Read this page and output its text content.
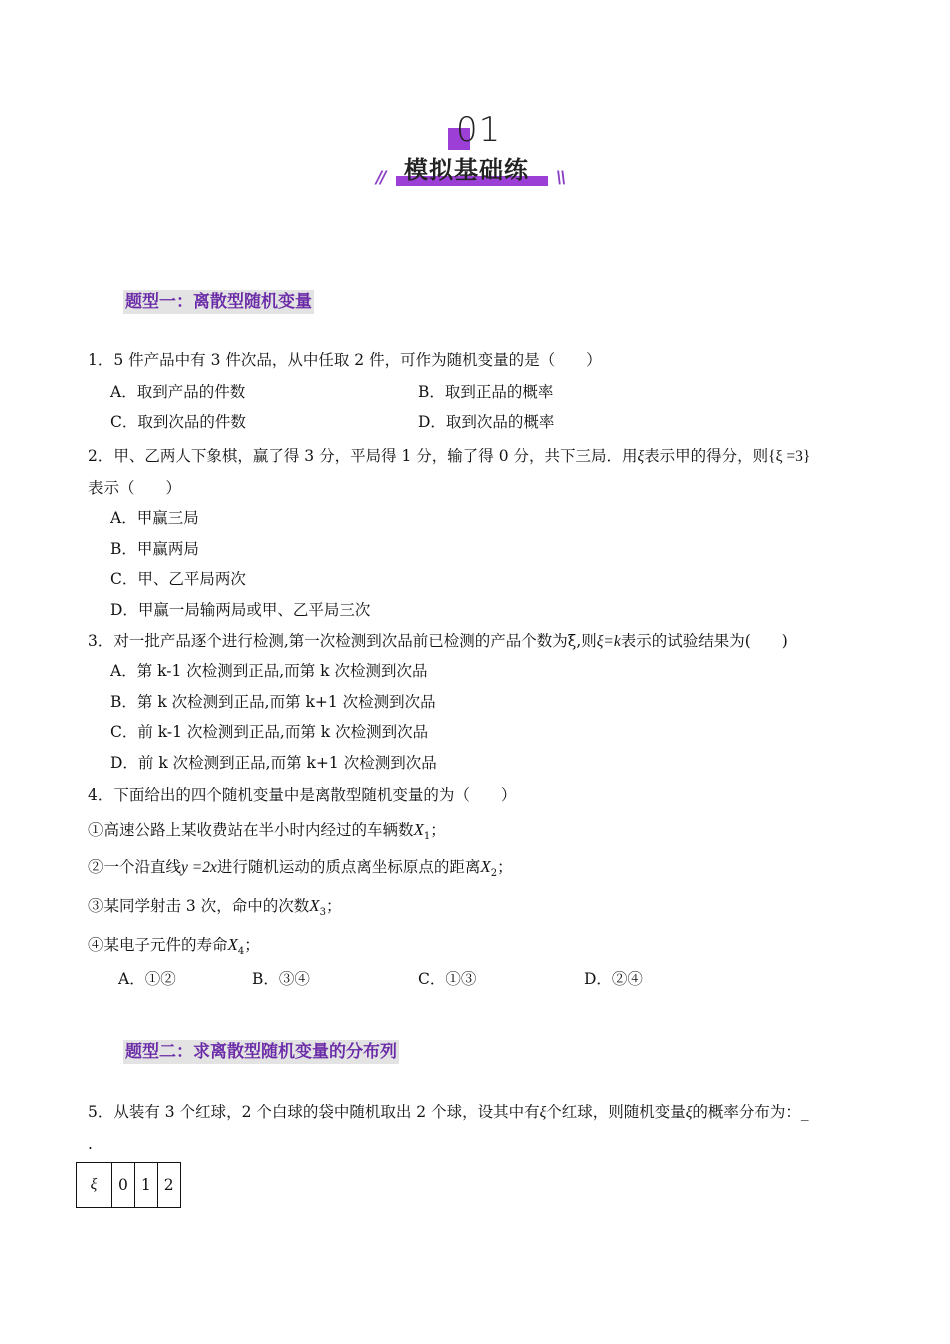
01
// 模拟基础练 \\
题型一：离散型随机变量
1．5 件产品中有 3 件次品，从中任取 2 件，可作为随机变量的是（　　）
A．取到产品的件数	B．取到正品的概率
C．取到次品的件数	D．取到次品的概率
2．甲、乙两人下象棋，赢了得 3 分，平局得 1 分，输了得 0 分，共下三局．用ξ表示甲的得分，则{ξ =3}
表示（　　）
A．甲赢三局
B．甲赢两局
C．甲、乙平局两次
D．甲赢一局输两局或甲、乙平局三次
3．对一批产品逐个进行检测,第一次检测到次品前已检测的产品个数为ξ,则ξ=k表示的试验结果为(　　)
A．第 k-1 次检测到正品,而第 k 次检测到次品
B．第 k 次检测到正品,而第 k+1 次检测到次品
C．前 k-1 次检测到正品,而第 k 次检测到次品
D．前 k 次检测到正品,而第 k+1 次检测到次品
4．下面给出的四个随机变量中是离散型随机变量的为（　　）
①高速公路上某收费站在半小时内经过的车辆数$X_1$；
②一个沿直线y =2x进行随机运动的质点离坐标原点的距离$X_2$；
③某同学射击 3 次，命中的次数$X_3$；
④某电子元件的寿命$X_4$；
A．①②	B．③④	C．①③	D．②④
题型二：求离散型随机变量的分布列
5．从装有 3 个红球，2 个白球的袋中随机取出 2 个球，设其中有ξ个红球，则随机变量ξ的概率分布为：_
.
ξ	0	1	2
